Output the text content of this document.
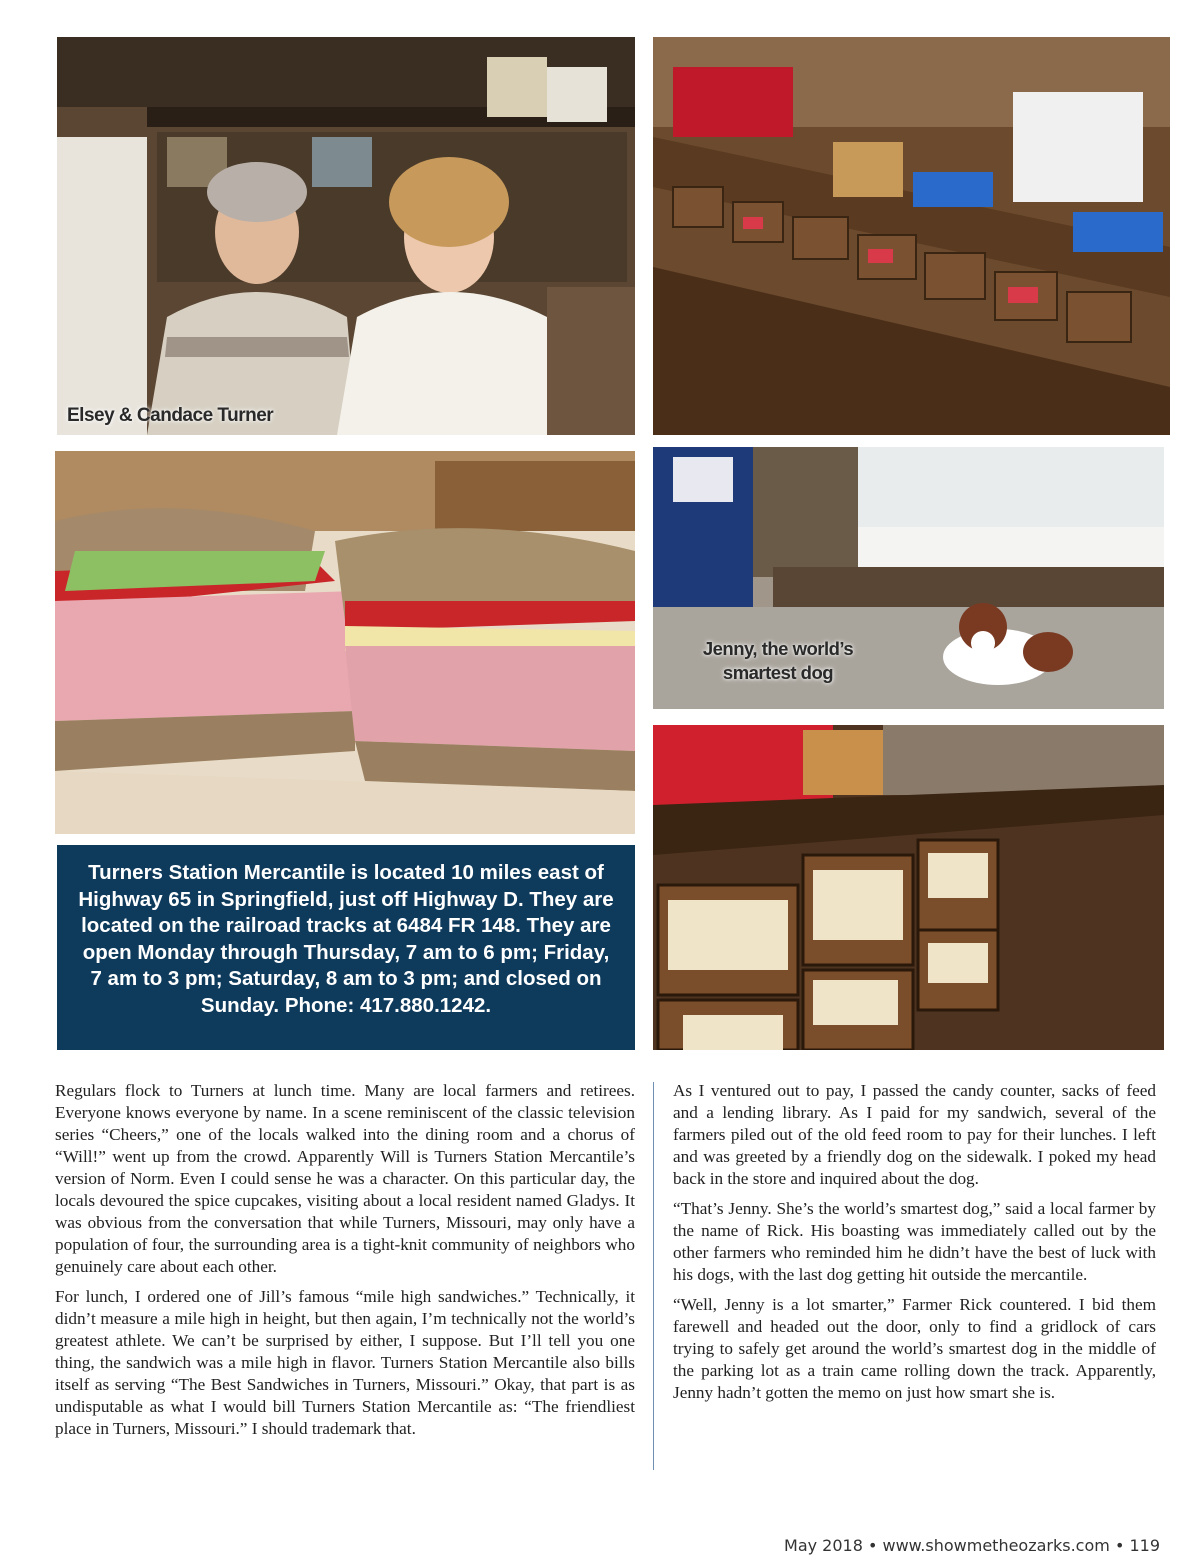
Elsey & Candace Turner
Jenny, the world’s
smartest dog
Turners Station Mercantile is located 10 miles east of Highway 65 in Springfield, just off Highway D. They are located on the railroad tracks at 6484 FR 148. They are open Monday through Thursday, 7 am to 6 pm; Friday, 7 am to 3 pm; Saturday, 8 am to 3 pm; and closed on Sunday. Phone: 417.880.1242.

Regulars flock to Turners at lunch time. Many are local farmers and retirees. Everyone knows everyone by name. In a scene reminiscent of the classic television series “Cheers,” one of the locals walked into the dining room and a chorus of “Will!” went up from the crowd. Apparently Will is Turners Station Mercantile’s version of Norm. Even I could sense he was a character. On this particular day, the locals devoured the spice cupcakes, visiting about a local resident named Gladys. It was obvious from the conversation that while Turners, Missouri, may only have a population of four, the surrounding area is a tight-knit community of neighbors who genuinely care about each other.

For lunch, I ordered one of Jill’s famous “mile high sandwiches.” Technically, it didn’t measure a mile high in height, but then again, I’m technically not the world’s greatest athlete. We can’t be surprised by either, I suppose. But I’ll tell you one thing, the sandwich was a mile high in flavor. Turners Station Mercantile also bills itself as serving “The Best Sandwiches in Turners, Missouri.” Okay, that part is as undisputable as what I would bill Turners Station Mercantile as: “The friendliest place in Turners, Missouri.” I should trademark that.

As I ventured out to pay, I passed the candy counter, sacks of feed and a lending library. As I paid for my sandwich, several of the farmers piled out of the old feed room to pay for their lunches. I left and was greeted by a friendly dog on the sidewalk. I poked my head back in the store and inquired about the dog.

“That’s Jenny. She’s the world’s smartest dog,” said a local farmer by the name of Rick. His boasting was immediately called out by the other farmers who reminded him he didn’t have the best of luck with his dogs, with the last dog getting hit outside the mercantile.

“Well, Jenny is a lot smarter,” Farmer Rick countered. I bid them farewell and headed out the door, only to find a gridlock of cars trying to safely get around the world’s smartest dog in the middle of the parking lot as a train came rolling down the track. Apparently, Jenny hadn’t gotten the memo on just how smart she is.

May 2018 • www.showmetheozarks.com • 119
